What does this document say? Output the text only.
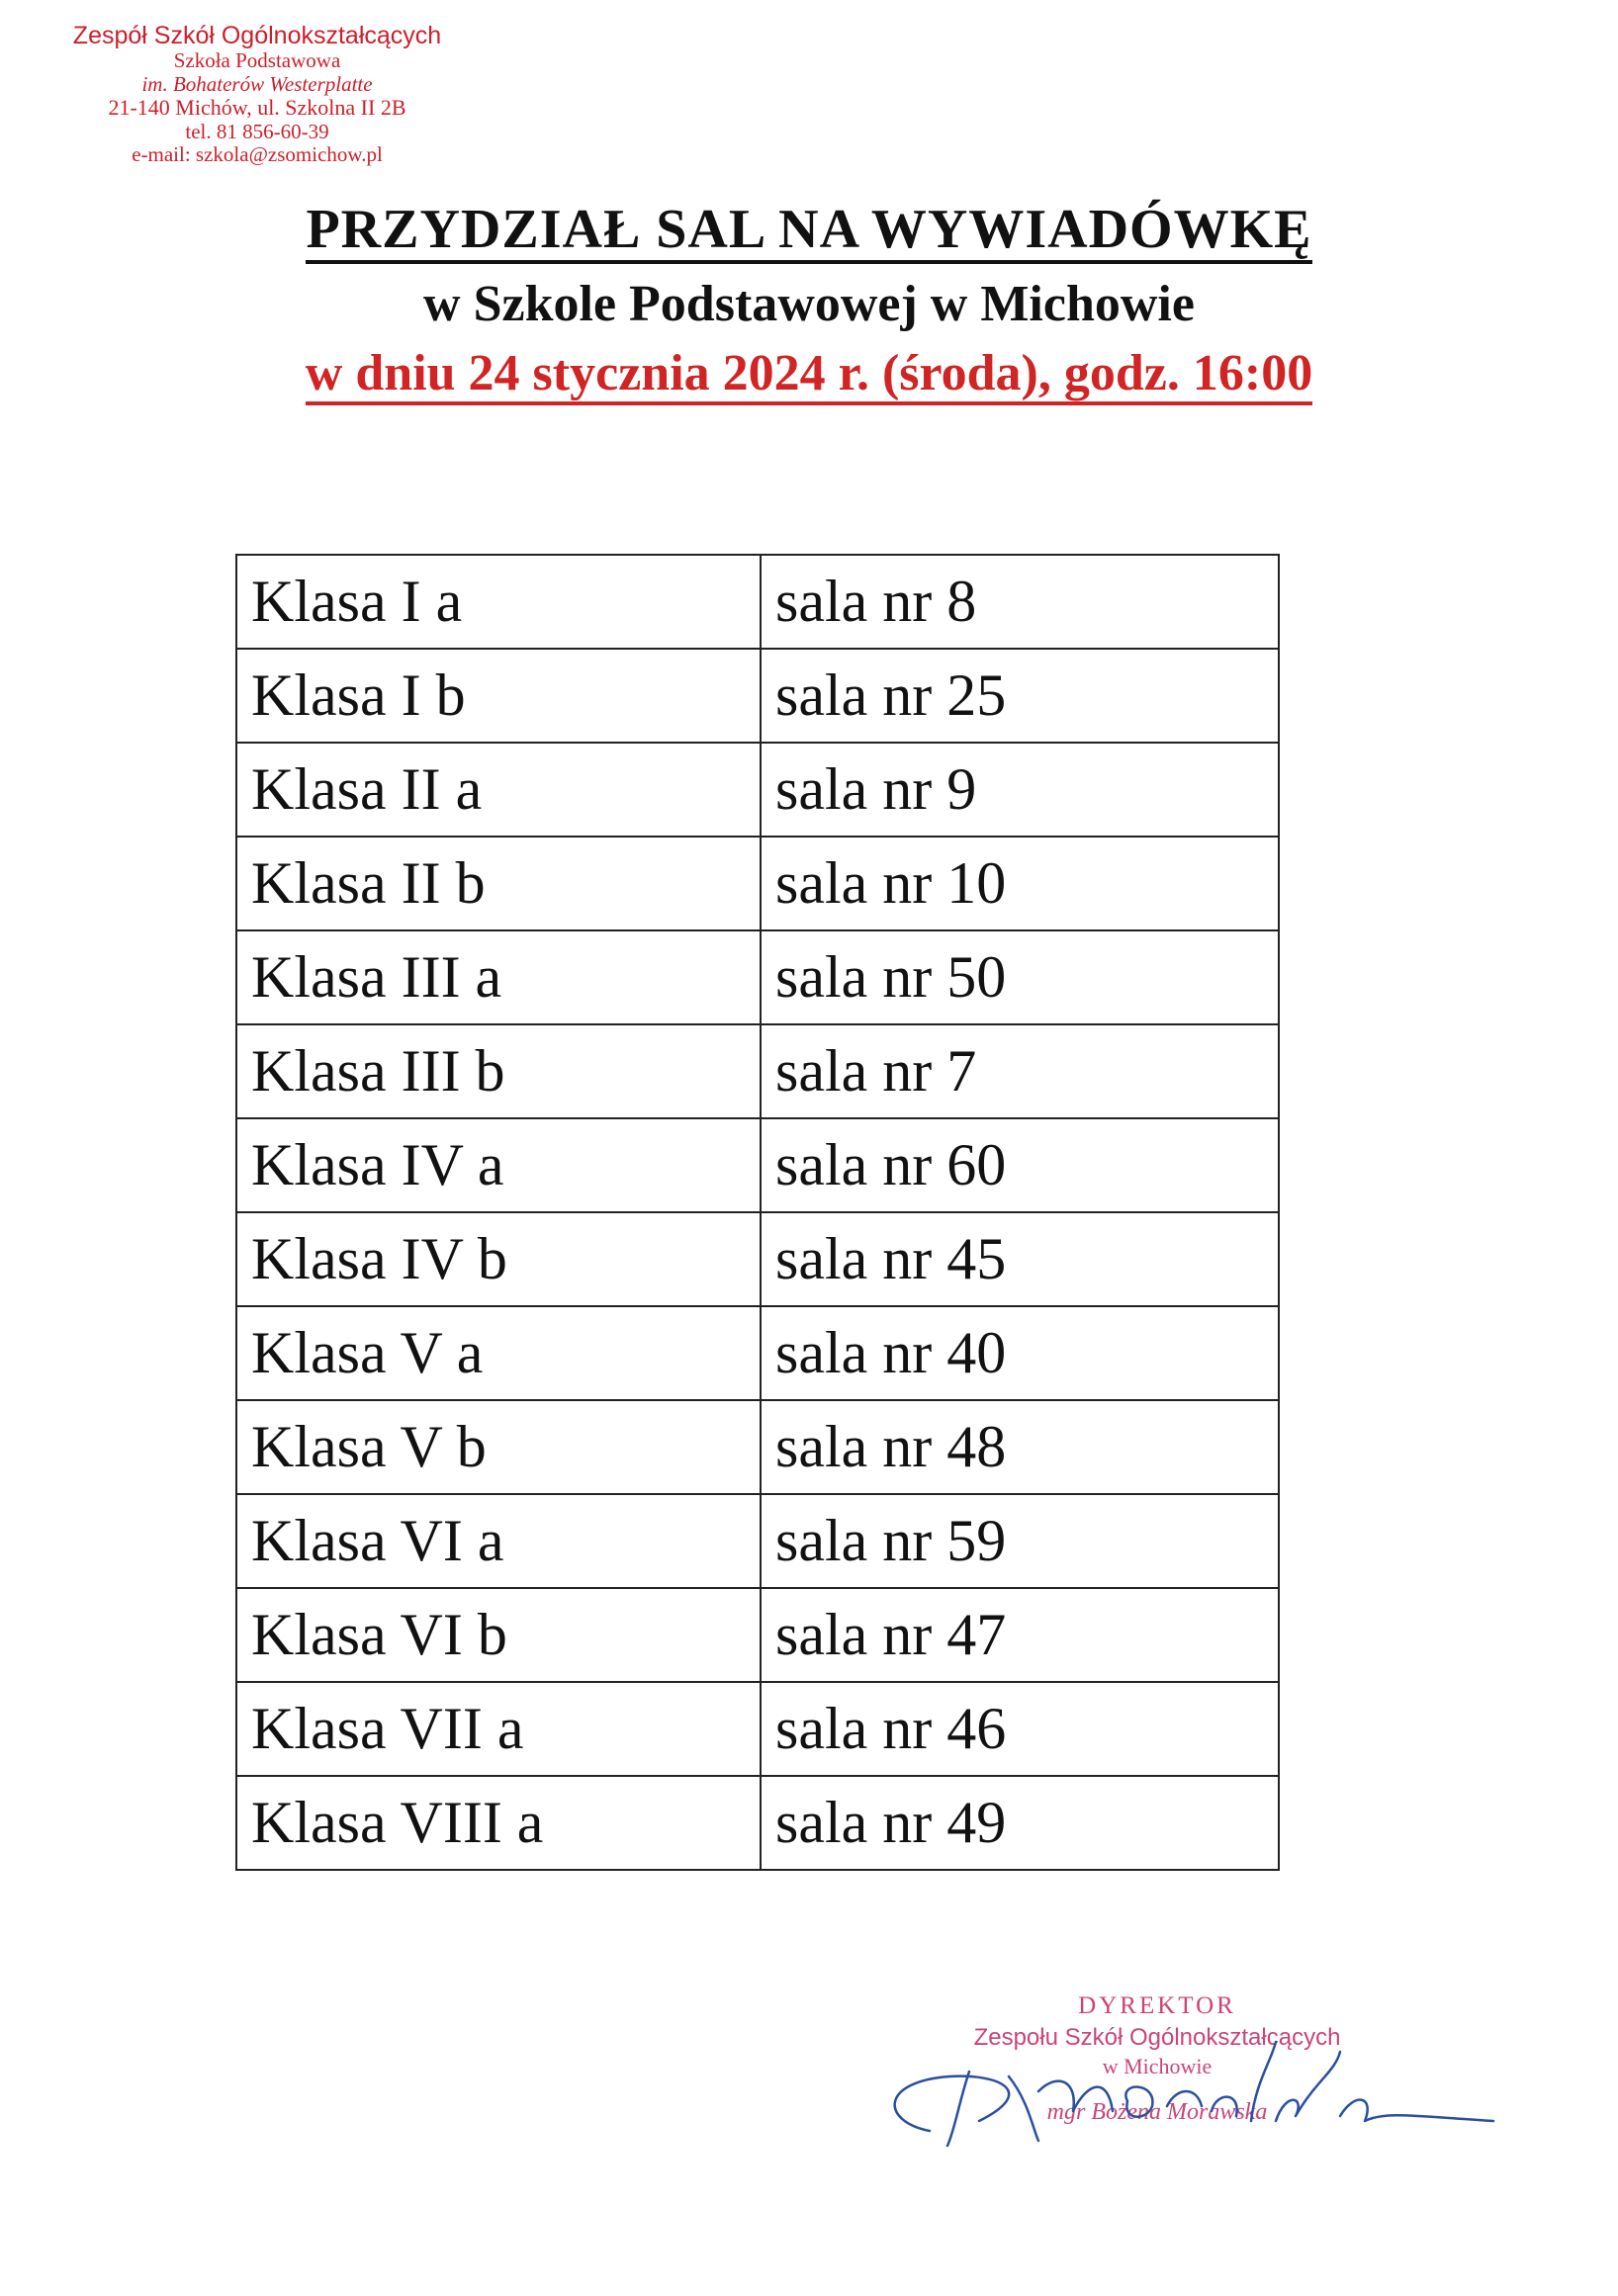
Zespół Szkół Ogólnokształcących
Szkoła Podstawowa
im. Bohaterów Westerplatte
21-140 Michów, ul. Szkolna II 2B
tel. 81 856-60-39
e-mail: szkola@zsomichow.pl
PRZYDZIAŁ SAL NA WYWIADÓWKĘ
w Szkole Podstawowej w Michowie
w dniu 24 stycznia 2024 r. (środa), godz. 16:00
Klasa I a	sala nr 8
Klasa I b	sala nr 25
Klasa II a	sala nr 9
Klasa II b	sala nr 10
Klasa III a	sala nr 50
Klasa III b	sala nr 7
Klasa IV a	sala nr 60
Klasa IV b	sala nr 45
Klasa V a	sala nr 40
Klasa V b	sala nr 48
Klasa VI a	sala nr 59
Klasa VI b	sala nr 47
Klasa VII a	sala nr 46
Klasa VIII a	sala nr 49
DYREKTOR
Zespołu Szkół Ogólnokształcących
w Michowie
mgr Bożena Morawska
